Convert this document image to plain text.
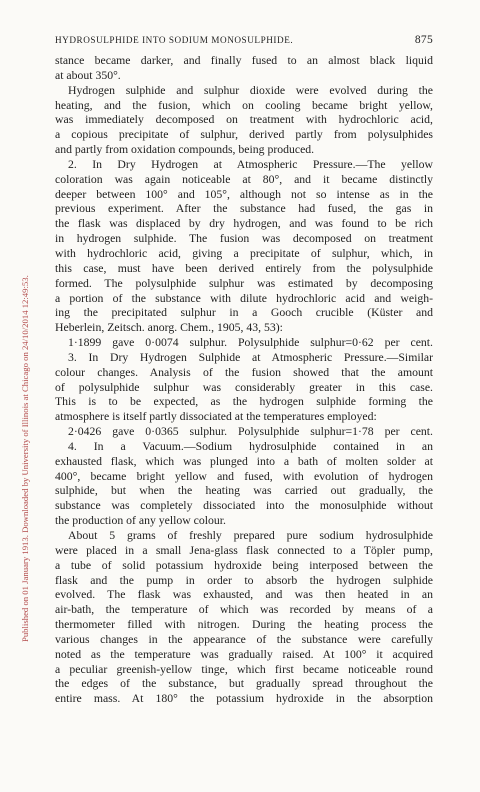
HYDROSULPHIDE INTO SODIUM MONOSULPHIDE.	875
Published on 01 January 1913. Downloaded by University of Illinois at Chicago on 24/10/2014 12:49:53.
stance became darker, and finally fused to an almost black liquid
at about 350°.
Hydrogen sulphide and sulphur dioxide were evolved during the
heating, and the fusion, which on cooling became bright yellow,
was immediately decomposed on treatment with hydrochloric acid,
a copious precipitate of sulphur, derived partly from polysulphides
and partly from oxidation compounds, being produced.
2. In Dry Hydrogen at Atmospheric Pressure.—The yellow
coloration was again noticeable at 80°, and it became distinctly
deeper between 100° and 105°, although not so intense as in the
previous experiment. After the substance had fused, the gas in
the flask was displaced by dry hydrogen, and was found to be rich
in hydrogen sulphide. The fusion was decomposed on treatment
with hydrochloric acid, giving a precipitate of sulphur, which, in
this case, must have been derived entirely from the polysulphide
formed. The polysulphide sulphur was estimated by decomposing
a portion of the substance with dilute hydrochloric acid and weigh-
ing the precipitated sulphur in a Gooch crucible (Küster and
Heberlein, Zeitsch. anorg. Chem., 1905, 43, 53):
1·1899 gave 0·0074 sulphur. Polysulphide sulphur=0·62 per cent.
3. In Dry Hydrogen Sulphide at Atmospheric Pressure.—Similar
colour changes. Analysis of the fusion showed that the amount
of polysulphide sulphur was considerably greater in this case.
This is to be expected, as the hydrogen sulphide forming the
atmosphere is itself partly dissociated at the temperatures employed:
2·0426 gave 0·0365 sulphur. Polysulphide sulphur=1·78 per cent.
4. In a Vacuum.—Sodium hydrosulphide contained in an
exhausted flask, which was plunged into a bath of molten solder at
400°, became bright yellow and fused, with evolution of hydrogen
sulphide, but when the heating was carried out gradually, the
substance was completely dissociated into the monosulphide without
the production of any yellow colour.
About 5 grams of freshly prepared pure sodium hydrosulphide
were placed in a small Jena-glass flask connected to a Töpler pump,
a tube of solid potassium hydroxide being interposed between the
flask and the pump in order to absorb the hydrogen sulphide
evolved. The flask was exhausted, and was then heated in an
air-bath, the temperature of which was recorded by means of a
thermometer filled with nitrogen. During the heating process the
various changes in the appearance of the substance were carefully
noted as the temperature was gradually raised. At 100° it acquired
a peculiar greenish-yellow tinge, which first became noticeable round
the edges of the substance, but gradually spread throughout the
entire mass. At 180° the potassium hydroxide in the absorption
